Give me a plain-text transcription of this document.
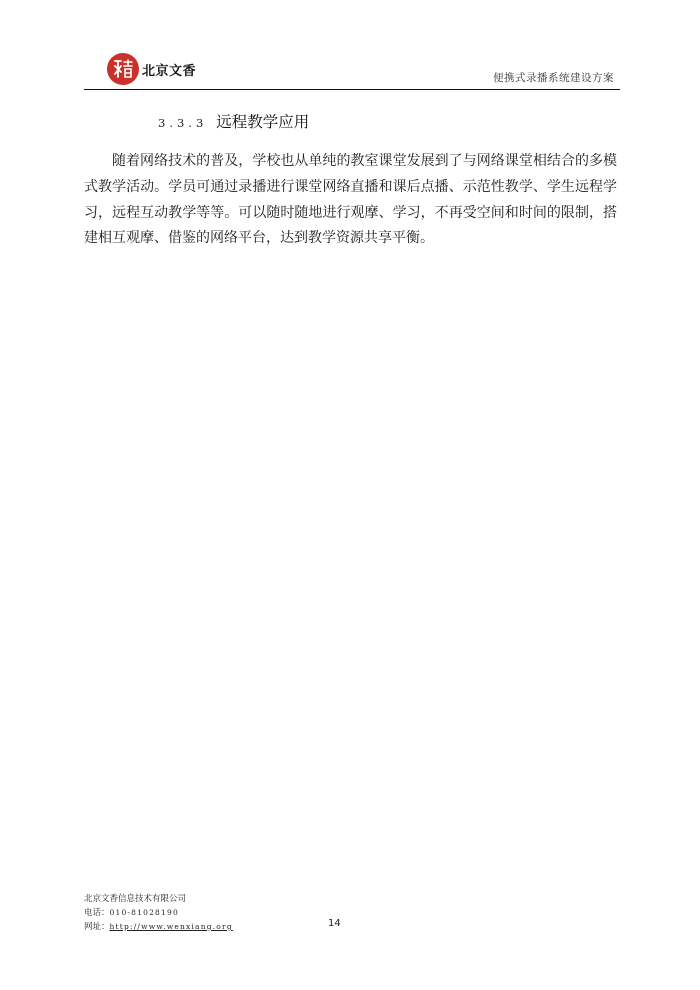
北京文香	便携式录播系统建设方案
3.3.3 远程教学应用

随着网络技术的普及，学校也从单纯的教室课堂发展到了与网络课堂相结合的多模式教学活动。学员可通过录播进行课堂网络直播和课后点播、示范性教学、学生远程学习，远程互动教学等等。可以随时随地进行观摩、学习，不再受空间和时间的限制，搭建相互观摩、借鉴的网络平台，达到教学资源共享平衡。

北京文香信息技术有限公司
电话：010-81028190
网址：http://www.wenxiang.org	14
